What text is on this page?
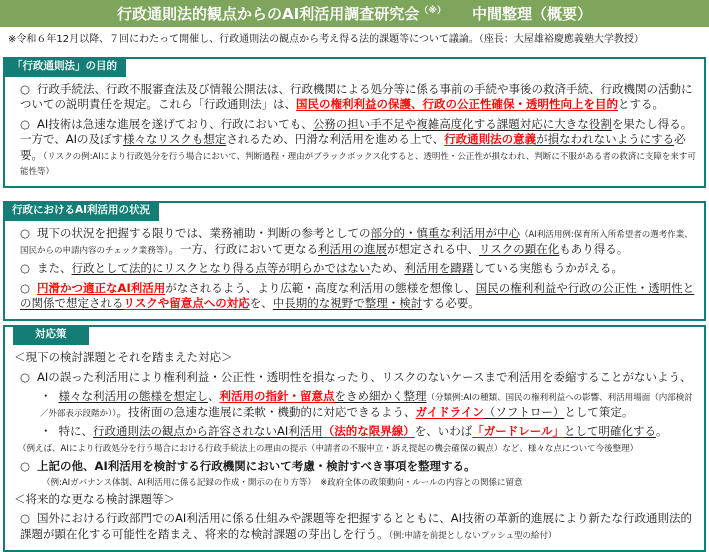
行政通則法的観点からのAI利活用調査研究会（※） 中間整理（概要）
※令和６年12月以降、７回にわたって開催し、行政通則法の観点から考え得る法的課題等について議論。（座長：大屋雄裕慶應義塾大学教授）
「行政通則法」の目的
○ 行政手続法、行政不服審査法及び情報公開法は、行政機関による処分等に係る事前の手続や事後の救済手続、行政機関の活動についての説明責任を規定。これら「行政通則法」は、国民の権利利益の保護、行政の公正性確保・透明性向上を目的とする。
○ AI技術は急速な進展を遂げており、行政においても、公務の担い手不足や複雑高度化する課題対応に大きな役割を果たし得る。一方で、AIの及ぼす様々なリスクも想定されるため、円滑な利活用を進める上で、行政通則法の意義が損なわれないようにする必要。（リスクの例:AIにより行政処分を行う場合において、判断過程・理由がブラックボックス化すると、透明性・公正性が損なわれ、判断に不服がある者の救済に支障を来す可能性等）
行政におけるAI利活用の状況
○ 現下の状況を把握する限りでは、業務補助・判断の参考としての部分的・慎重な利活用が中心（AI利活用例:保育所入所希望者の選考作業、国民からの申請内容のチェック業務等）。一方、行政において更なる利活用の進展が想定される中、リスクの顕在化もあり得る。
○ また、行政として法的にリスクとなり得る点等が明らかではないため、利活用を躊躇している実態もうかがえる。
○ 円滑かつ適正なAI利活用がなされるよう、より広範・高度な利活用の態様を想像し、国民の権利利益や行政の公正性・透明性との関係で想定されるリスクや留意点への対応を、中長期的な視野で整理・検討する必要。
対応策
＜現下の検討課題とそれを踏まえた対応＞
○ AIの誤った利活用により権利利益・公正性・透明性を損なったり、リスクのないケースまで利活用を委縮することがないよう、
・ 様々な利活用の態様を想定し、利活用の指針・留意点をきめ細かく整理（分類例:AIの種類、国民の権利利益への影響、利活用場面（内部検討／外部表示段階か））。技術面の急速な進展に柔軟・機動的に対応できるよう、ガイドライン（ソフトロー）として策定。
・ 特に、行政通則法の観点から許容されないAI利活用（法的な限界線）を、いわば「ガードレール」として明確化する。
（例えば、AIにより行政処分を行う場合における行政手続法上の理由の提示（申請者の不服申立・訴え提起の機会確保の観点）など、様々な点について今後整理）
○ 上記の他、AI利活用を検討する行政機関において考慮・検討すべき事項を整理する。
（例:AIガバナンス体制、AI利活用に係る記録の作成・開示の在り方等）　※政府全体の政策動向・ルールの内容との関係に留意
＜将来的な更なる検討課題等＞
○ 国外における行政部門でのAI利活用に係る仕組みや課題等を把握するとともに、AI技術の革新的進展により新たな行政通則法的課題が顕在化する可能性を踏まえ、将来的な検討課題の芽出しを行う。（例:申請を前提としないプッシュ型の給付）
